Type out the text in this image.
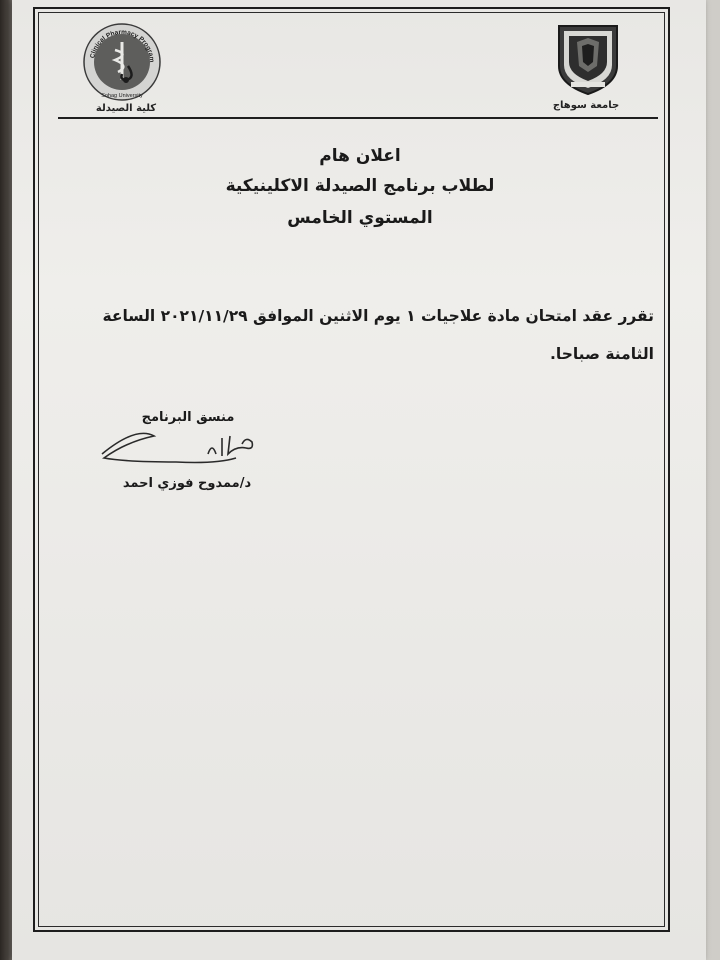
جامعة سوهاج
Clinical Pharmacy Program
Sohag University
كلية الصيدلة
اعلان هام
لطلاب برنامج الصيدلة الاكلينيكية
المستوي الخامس
تقرر عقد امتحان مادة علاجيات ١ يوم الاثنين الموافق ٢٠٢١/١١/٢٩ الساعة الثامنة صباحا.
منسق البرنامج
د/ممدوح فوزي احمد
